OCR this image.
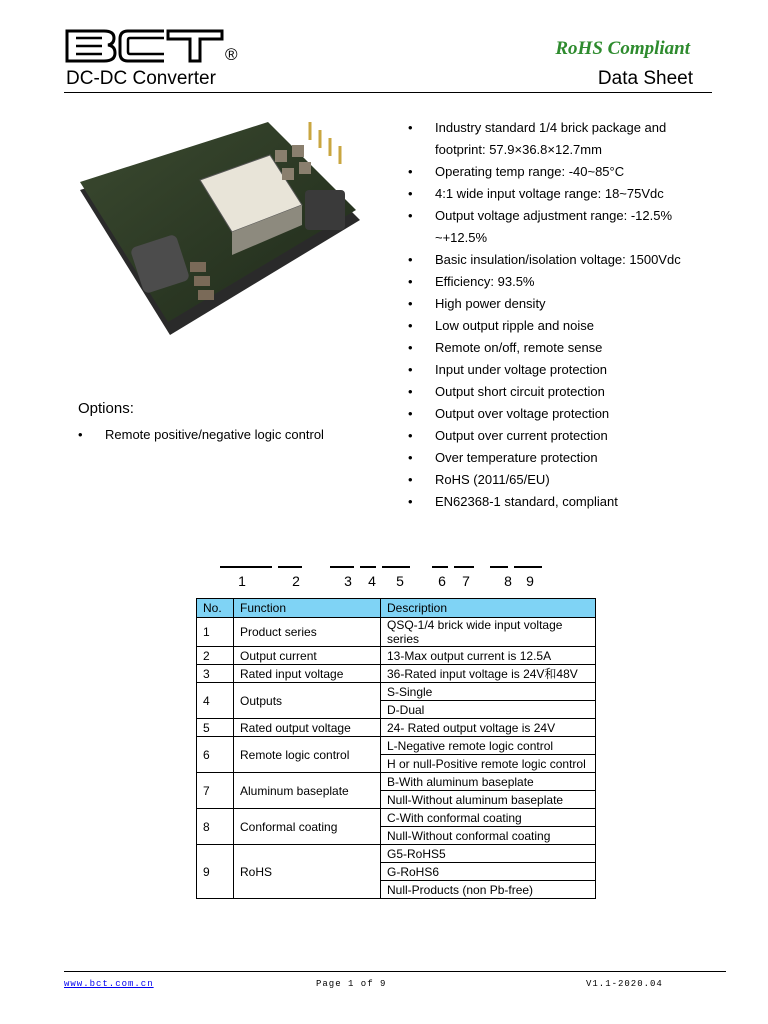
®	RoHS Compliant
DC-DC Converter	Data Sheet
• Industry standard 1/4 brick package and footprint: 57.9×36.8×12.7mm
• Operating temp range: -40~85°C
• 4:1 wide input voltage range: 18~75Vdc
• Output voltage adjustment range: -12.5% ~+12.5%
• Basic insulation/isolation voltage: 1500Vdc
• Efficiency: 93.5%
• High power density
• Low output ripple and noise
• Remote on/off, remote sense
• Input under voltage protection
• Output short circuit protection
• Output over voltage protection
• Output over current protection
• Over temperature protection
• RoHS (2011/65/EU)
• EN62368-1 standard, compliant
Options:
• Remote positive/negative logic control
1	2	3 4 5 6 7 8 9
No.	Function	Description
1	Product series	QSQ-1/4 brick wide input voltage series
2	Output current	13-Max output current is 12.5A
3	Rated input voltage	36-Rated input voltage is 24V和48V
4	Outputs	S-Single
		D-Dual
5	Rated output voltage	24- Rated output voltage is 24V
6	Remote logic control	L-Negative remote logic control
		H or null-Positive remote logic control
7	Aluminum baseplate	B-With aluminum baseplate
		Null-Without aluminum baseplate
8	Conformal coating	C-With conformal coating
		Null-Without conformal coating
9	RoHS	G5-RoHS5
		G-RoHS6
		Null-Products (non Pb-free)
www.bct.com.cn	Page 1 of 9	V1.1-2020.04
